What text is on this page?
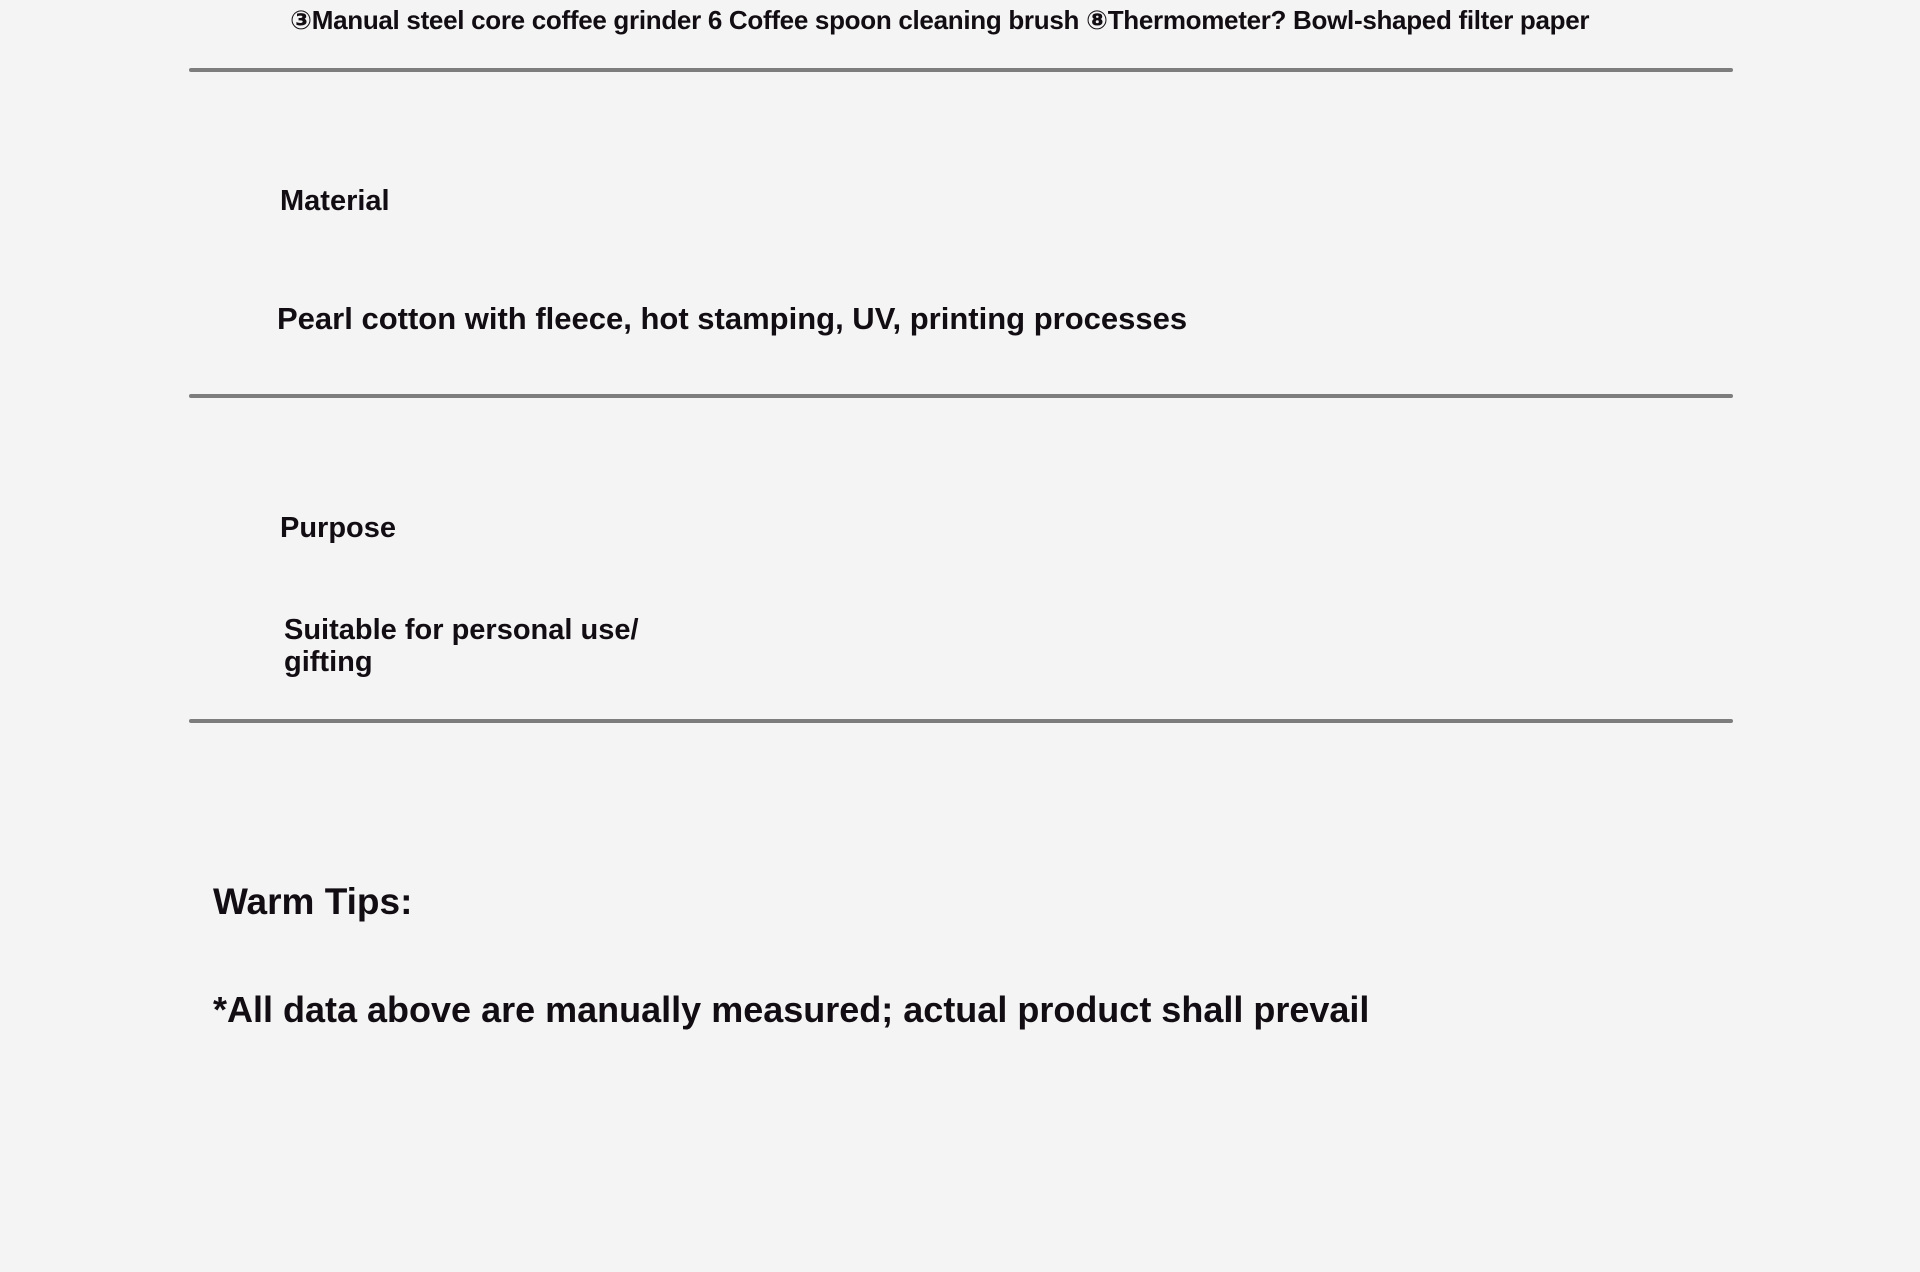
③Manual steel core coffee grinder 6 Coffee spoon cleaning brush ⑧Thermometer? Bowl-shaped filter paper

Material

Pearl cotton with fleece, hot stamping, UV, printing processes

Purpose

Suitable for personal use/
gifting

Warm Tips:

*All data above are manually measured; actual product shall prevail
